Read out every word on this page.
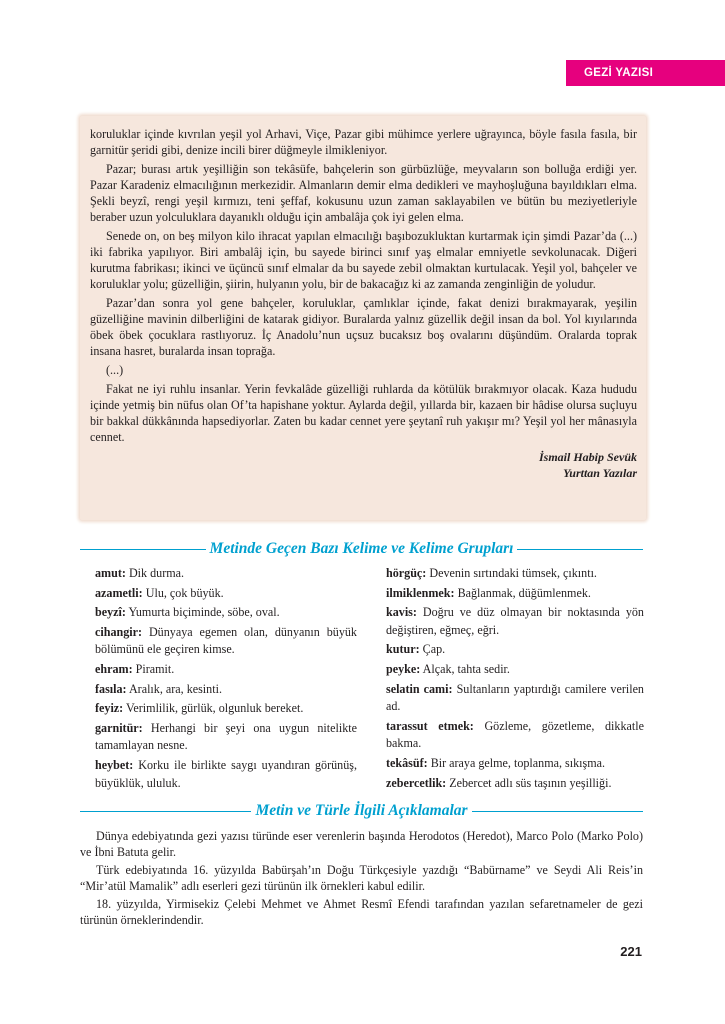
GEZİ YAZISI

koruluklar içinde kıvrılan yeşil yol Arhavi, Viçe, Pazar gibi mühimce yerlere uğrayınca, böyle fasıla fasıla, bir garnitür şeridi gibi, denize incili birer düğmeyle ilmikleniyor.

Pazar; burası artık yeşilliğin son tekâsüfe, bahçelerin son gürbüzlüğe, meyvaların son bolluğa erdiği yer. Pazar Karadeniz elmacılığının merkezidir. Almanların demir elma dedikleri ve mayhoşluğuna bayıldıkları elma. Şekli beyzî, rengi yeşil kırmızı, teni şeffaf, kokusunu uzun zaman saklayabilen ve bütün bu meziyetleriyle beraber uzun yolculuklara dayanıklı olduğu için ambalâja çok iyi gelen elma.

Senede on, on beş milyon kilo ihracat yapılan elmacılığı başıbozukluktan kurtarmak için şimdi Pazar’da (...) iki fabrika yapılıyor. Biri ambalâj için, bu sayede birinci sınıf yaş elmalar emniyetle sevkolunacak. Diğeri kurutma fabrikası; ikinci ve üçüncü sınıf elmalar da bu sayede zebil olmaktan kurtulacak. Yeşil yol, bahçeler ve koruluklar yolu; güzelliğin, şiirin, hulyanın yolu, bir de bakacağız ki az zamanda zenginliğin de yoludur.

Pazar’dan sonra yol gene bahçeler, koruluklar, çamlıklar içinde, fakat denizi bırakmayarak, yeşilin güzelliğine mavinin dilberliğini de katarak gidiyor. Buralarda yalnız güzellik değil insan da bol. Yol kıyılarında öbek öbek çocuklara rastlıyoruz. İç Anadolu’nun uçsuz bucaksız boş ovalarını düşündüm. Oralarda toprak insana hasret, buralarda insan toprağa.

(...)

Fakat ne iyi ruhlu insanlar. Yerin fevkalâde güzelliği ruhlarda da kötülük bırakmıyor olacak. Kaza hududu içinde yetmiş bin nüfus olan Of’ta hapishane yoktur. Aylarda değil, yıllarda bir, kazaen bir hâdise olursa suçluyu bir bakkal dükkânında hapsediyorlar. Zaten bu kadar cennet yere şeytanî ruh yakışır mı? Yeşil yol her mânasıyla cennet.

İsmail Habip Sevük
Yurttan Yazılar
Metinde Geçen Bazı Kelime ve Kelime Grupları
amut: Dik durma.
azametli: Ulu, çok büyük.
beyzî: Yumurta biçiminde, söbe, oval.
cihangir: Dünyaya egemen olan, dünyanın büyük bölümünü ele geçiren kimse.
ehram: Piramit.
fasıla: Aralık, ara, kesinti.
feyiz: Verimlilik, gürlük, olgunluk bereket.
garnitür: Herhangi bir şeyi ona uygun nitelikte tamamlayan nesne.
heybet: Korku ile birlikte saygı uyandıran görünüş, büyüklük, ululuk.
hörgüç: Devenin sırtındaki tümsek, çıkıntı.
ilmiklenmek: Bağlanmak, düğümlenmek.
kavis: Doğru ve düz olmayan bir noktasında yön değiştiren, eğmeç, eğri.
kutur: Çap.
peyke: Alçak, tahta sedir.
selatin cami: Sultanların yaptırdığı camilere verilen ad.
tarassut etmek: Gözleme, gözetleme, dikkatle bakma.
tekâsüf: Bir araya gelme, toplanma, sıkışma.
zebercetlik: Zebercet adlı süs taşının yeşilliği.
Metin ve Türle İlgili Açıklamalar

Dünya edebiyatında gezi yazısı türünde eser verenlerin başında Herodotos (Heredot), Marco Polo (Marko Polo) ve İbni Batuta gelir.

Türk edebiyatında 16. yüzyılda Babürşah’ın Doğu Türkçesiyle yazdığı “Babürname” ve Seydi Ali Reis’in “Mir’atül Mamalik” adlı eserleri gezi türünün ilk örnekleri kabul edilir.

18. yüzyılda, Yirmisekiz Çelebi Mehmet ve Ahmet Resmî Efendi tarafından yazılan sefaretnameler de gezi türünün örneklerindendir.

221
